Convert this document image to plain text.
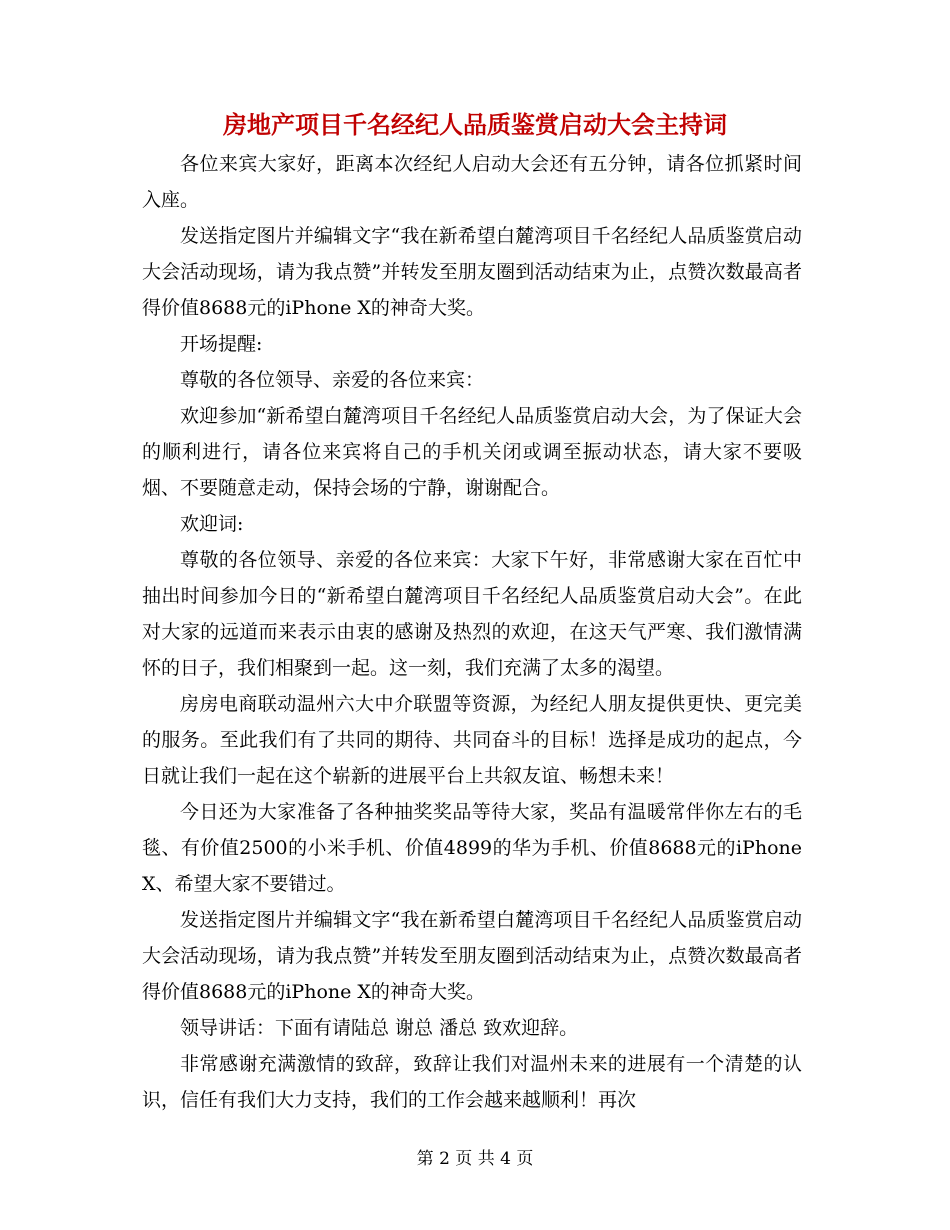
房地产项目千名经纪人品质鉴赏启动大会主持词

各位来宾大家好，距离本次经纪人启动大会还有五分钟，请各位抓紧时间入座。

发送指定图片并编辑文字“我在新希望白麓湾项目千名经纪人品质鉴赏启动大会活动现场，请为我点赞”并转发至朋友圈到活动结束为止，点赞次数最高者得价值8688元的iPhone X的神奇大奖。

开场提醒:

尊敬的各位领导、亲爱的各位来宾：

欢迎参加“新希望白麓湾项目千名经纪人品质鉴赏启动大会，为了保证大会的顺利进行，请各位来宾将自己的手机关闭或调至振动状态，请大家不要吸烟、不要随意走动，保持会场的宁静，谢谢配合。

欢迎词:

尊敬的各位领导、亲爱的各位来宾：大家下午好，非常感谢大家在百忙中抽出时间参加今日的“新希望白麓湾项目千名经纪人品质鉴赏启动大会”。在此对大家的远道而来表示由衷的感谢及热烈的欢迎，在这天气严寒、我们激情满怀的日子，我们相聚到一起。这一刻，我们充满了太多的渴望。

房房电商联动温州六大中介联盟等资源，为经纪人朋友提供更快、更完美的服务。至此我们有了共同的期待、共同奋斗的目标！选择是成功的起点，今日就让我们一起在这个崭新的进展平台上共叙友谊、畅想未来！

今日还为大家准备了各种抽奖奖品等待大家，奖品有温暖常伴你左右的毛毯、有价值2500的小米手机、价值4899的华为手机、价值8688元的iPhone X、希望大家不要错过。

发送指定图片并编辑文字“我在新希望白麓湾项目千名经纪人品质鉴赏启动大会活动现场，请为我点赞”并转发至朋友圈到活动结束为止，点赞次数最高者得价值8688元的iPhone X的神奇大奖。

领导讲话：下面有请陆总 谢总 潘总 致欢迎辞。

非常感谢充满激情的致辞，致辞让我们对温州未来的进展有一个清楚的认识，信任有我们大力支持，我们的工作会越来越顺利！再次

第 2 页 共 4 页
